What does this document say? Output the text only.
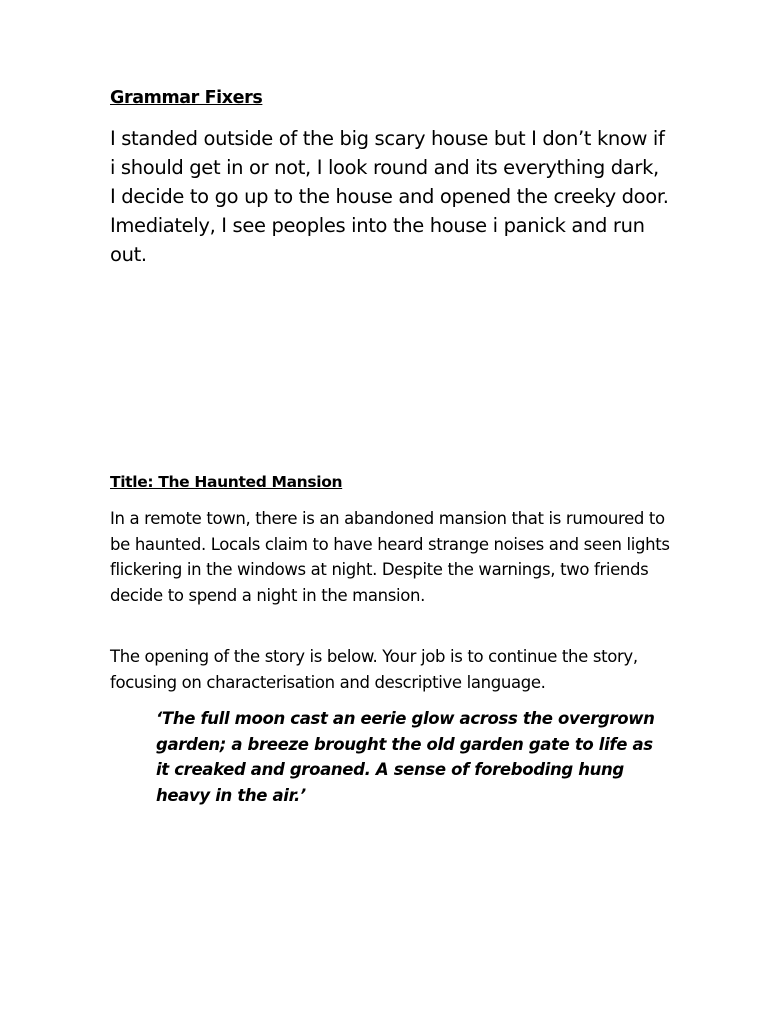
Grammar Fixers

I standed outside of the big scary house but I don’t know if i should get in or not, I look round and its everything dark, I decide to go up to the house and opened the creeky door. Imediately, I see peoples into the house i panick and run out.

Title: The Haunted Mansion

In a remote town, there is an abandoned mansion that is rumoured to be haunted. Locals claim to have heard strange noises and seen lights flickering in the windows at night. Despite the warnings, two friends decide to spend a night in the mansion.

The opening of the story is below. Your job is to continue the story, focusing on characterisation and descriptive language.

‘The full moon cast an eerie glow across the overgrown garden; a breeze brought the old garden gate to life as it creaked and groaned. A sense of foreboding hung heavy in the air.’
